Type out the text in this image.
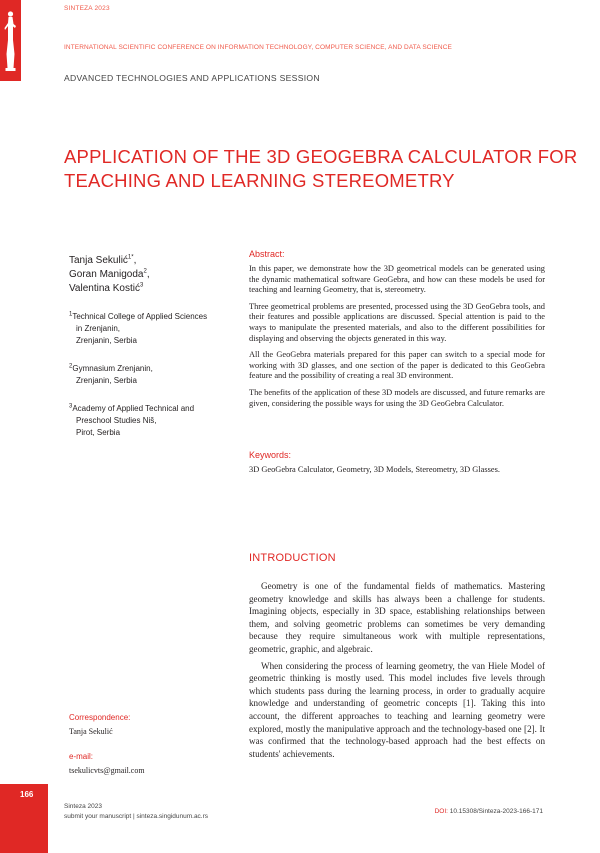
SINTEZA 2023
INTERNATIONAL SCIENTIFIC CONFERENCE ON INFORMATION TECHNOLOGY, COMPUTER SCIENCE, AND DATA SCIENCE
ADVANCED TECHNOLOGIES AND APPLICATIONS SESSION
APPLICATION OF THE 3D GEOGEBRA CALCULATOR FOR
TEACHING AND LEARNING STEREOMETRY
Tanja Sekulić$^{1*}$,
Goran Manigoda$^2$,
Valentina Kostić$^3$
$^1$Technical College of Applied Sciences
in Zrenjanin,
Zrenjanin, Serbia
$^2$Gymnasium Zrenjanin,
Zrenjanin, Serbia
$^3$Academy of Applied Technical and
Preschool Studies Niš,
Pirot, Serbia
Correspondence:
Tanja Sekulić
e-mail:
tsekulicvts@gmail.com
Abstract:

In this paper, we demonstrate how the 3D geometrical models can be generated using the dynamic mathematical software GeoGebra, and how can these models be used for teaching and learning Geometry, that is, stereometry.

Three geometrical problems are presented, processed using the 3D GeoGebra tools, and their features and possible applications are discussed. Special attention is paid to the ways to manipulate the presented materials, and also to the different possibilities for displaying and observing the objects generated in this way.

All the GeoGebra materials prepared for this paper can switch to a special mode for working with 3D glasses, and one section of the paper is dedicated to this GeoGebra feature and the possibility of creating a real 3D environment.

The benefits of the application of these 3D models are discussed, and future remarks are given, considering the possible ways for using the 3D GeoGebra Calculator.

Keywords:
3D GeoGebra Calculator, Geometry, 3D Models, Stereometry, 3D Glasses.
INTRODUCTION

Geometry is one of the fundamental fields of mathematics. Mastering geometry knowledge and skills has always been a challenge for students. Imagining objects, especially in 3D space, establishing relationships between them, and solving geometric problems can sometimes be very demanding because they require simultaneous work with multiple representations, geometric, graphic, and algebraic.

When considering the process of learning geometry, the van Hiele Model of geometric thinking is mostly used. This model includes five levels through which students pass during the learning process, in order to gradually acquire knowledge and understanding of geometric concepts [1]. Taking this into account, the different approaches to teaching and learning geometry were explored, mostly the manipulative approach and the technology-based one [2]. It was confirmed that the technology-based approach had the best effects on students' achievements.

166
Sinteza 2023
submit your manuscript | sinteza.singidunum.ac.rs
DOI: 10.15308/Sinteza-2023-166-171
